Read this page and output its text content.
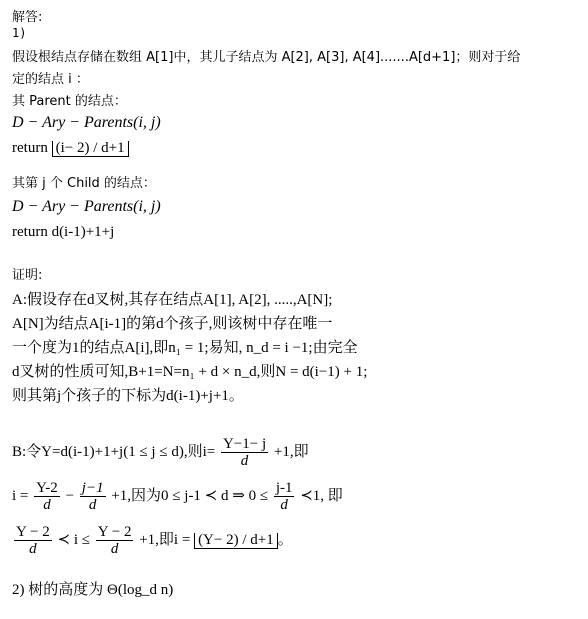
解答:
1)
假设根结点存储在数组 A[1]中，其儿子结点为 A[2], A[3], A[4].......A[d+1]；则对于给
定的结点 i ：
其 Parent 的结点：
D − Ary − Parents(i, j)
return (i− 2) / d+1
其第 j 个 Child 的结点：
D − Ary − Parents(i, j)
return d(i-1)+1+j
证明:
A:假设存在d叉树,其存在结点A[1], A[2], .....,A[N];
A[N]为结点A[i-1]的第d个孩子,则该树中存在唯一
一个度为1的结点A[i],即n₁ = 1;易知, n_d = i −1;由完全
d叉树的性质可知,B+1=N=n₁ + d × n_d,则N = d(i−1) + 1;
则其第j个孩子的下标为d(i-1)+j+1。
B:令Y=d(i-1)+1+j(1 ≤ j ≤ d),则$i= \frac{Y-1- j}{d} +1$,即
$i = \frac{Y-2}{d} - \frac{j-1}{d} +1$,因为0 ≤ j-1 ≺ d ⇒ $0 \le \frac{j-1}{d}$ ≺1, 即
$\frac{Y - 2}{d}$ ≺ $i \le \frac{Y - 2}{d} +1$,即i = (Y− 2) / d+1 。
2) 树的高度为 Θ(log_d n)
